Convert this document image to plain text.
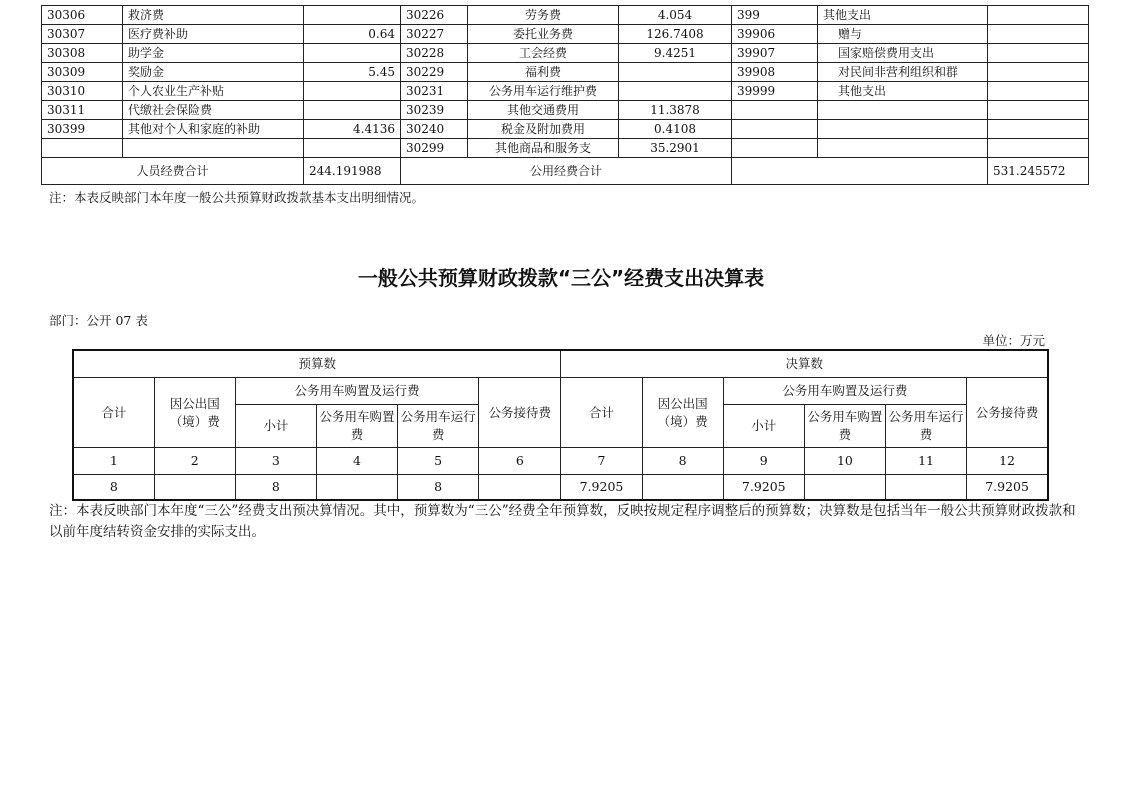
30306	救济费		30226	劳务费	4.054	399	其他支出	
30307	医疗费补助	0.64	30227	委托业务费	126.7408	39906	赠与	
30308	助学金		30228	工会经费	9.4251	39907	国家赔偿费用支出	
30309	奖励金	5.45	30229	福利费		39908	对民间非营利组织和群	
30310	个人农业生产补贴		30231	公务用车运行维护费		39999	其他支出	
30311	代缴社会保险费		30239	其他交通费用	11.3878			
30399	其他对个人和家庭的补助	4.4136	30240	税金及附加费用	0.4108			
			30299	其他商品和服务支	35.2901			
人员经费合计		244.191988	公用经费合计					531.245572
注：本表反映部门本年度一般公共预算财政拨款基本支出明细情况。
一般公共预算财政拨款“三公”经费支出决算表
部门：公开 07 表
单位：万元
预算数						决算数					
合计	因公出国（境）费	公务用车购置及运行费			公务接待费	合计	因公出国（境）费	公务用车购置及运行费			公务接待费
		小计	公务用车购置费	公务用车运行费				小计	公务用车购置费	公务用车运行费	
1	2	3	4	5	6	7	8	9	10	11	12
8		8		8		7.9205		7.9205			7.9205
注：本表反映部门本年度“三公”经费支出预决算情况。其中，预算数为“三公”经费全年预算数，反映按规定程序调整后的预算数；决算数是包括当年一般公共预算财政拨款和以前年度结转资金安排的实际支出。
